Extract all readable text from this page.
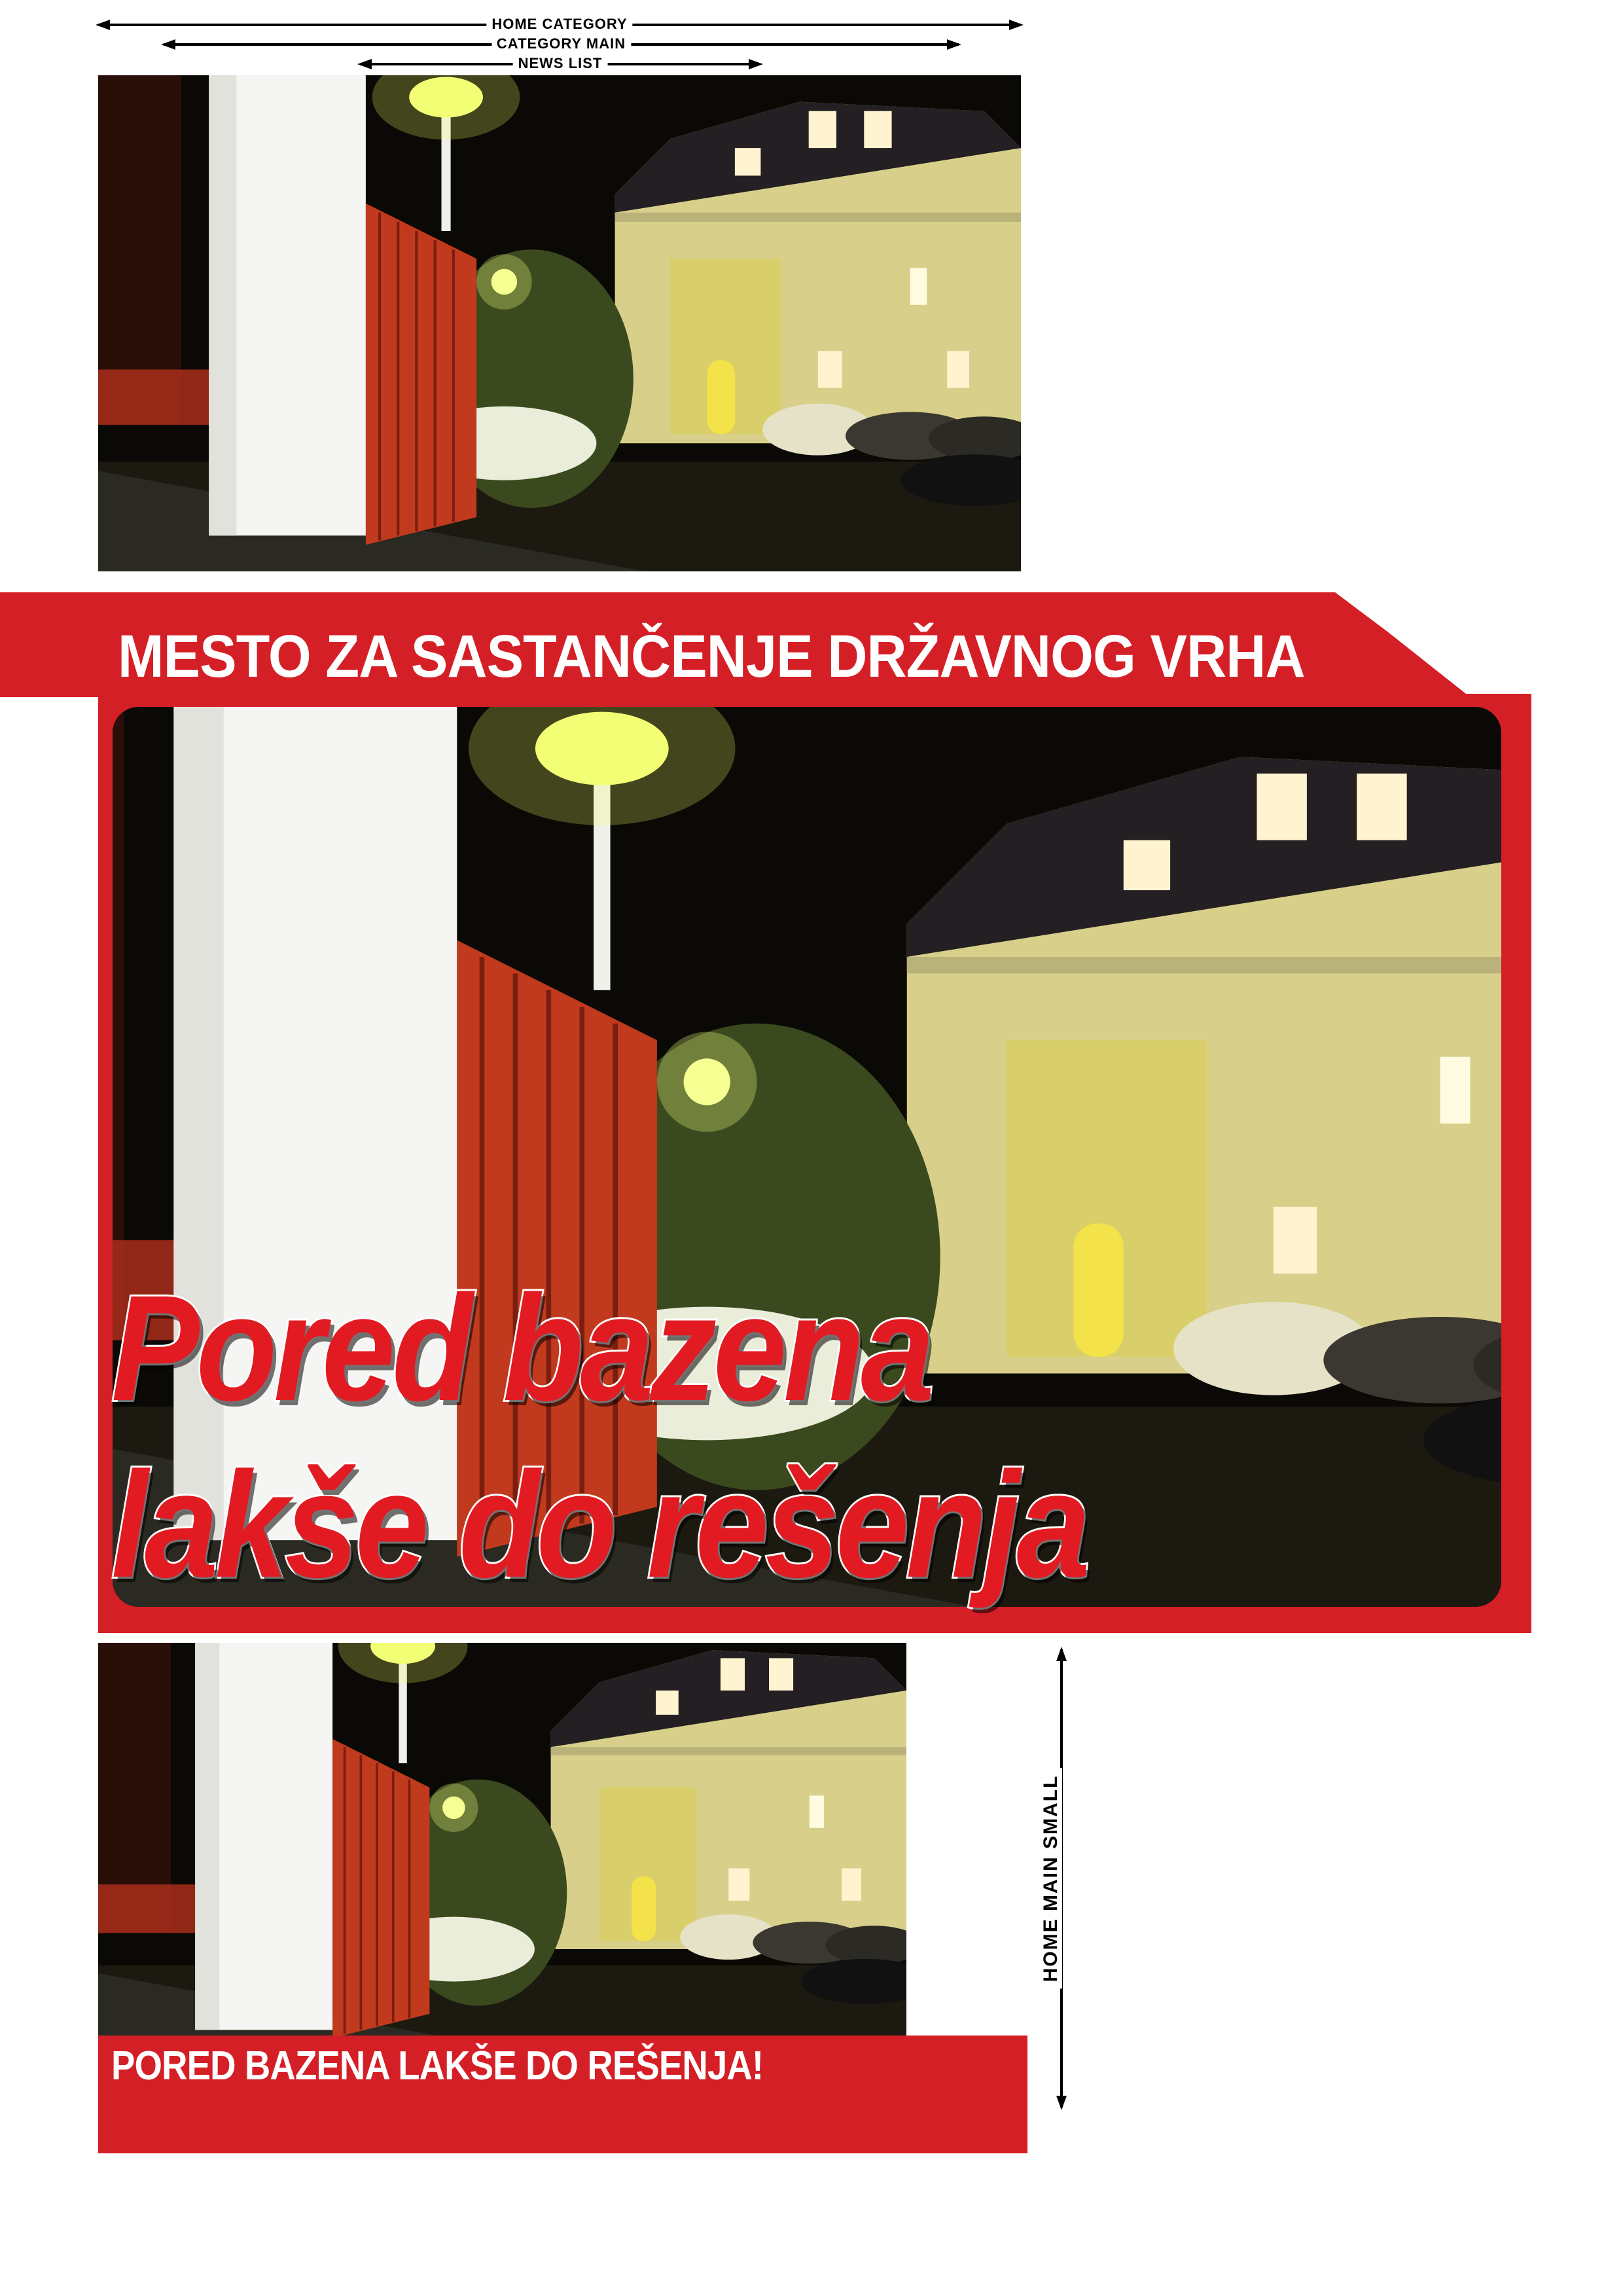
HOME CATEGORY
CATEGORY MAIN
NEWS LIST
MESTO ZA SASTANČENJE DRŽAVNOG VRHA
Pored bazena
lakše do rešenja
PORED BAZENA LAKŠE DO REŠENJA!
HOME MAIN SMALL
